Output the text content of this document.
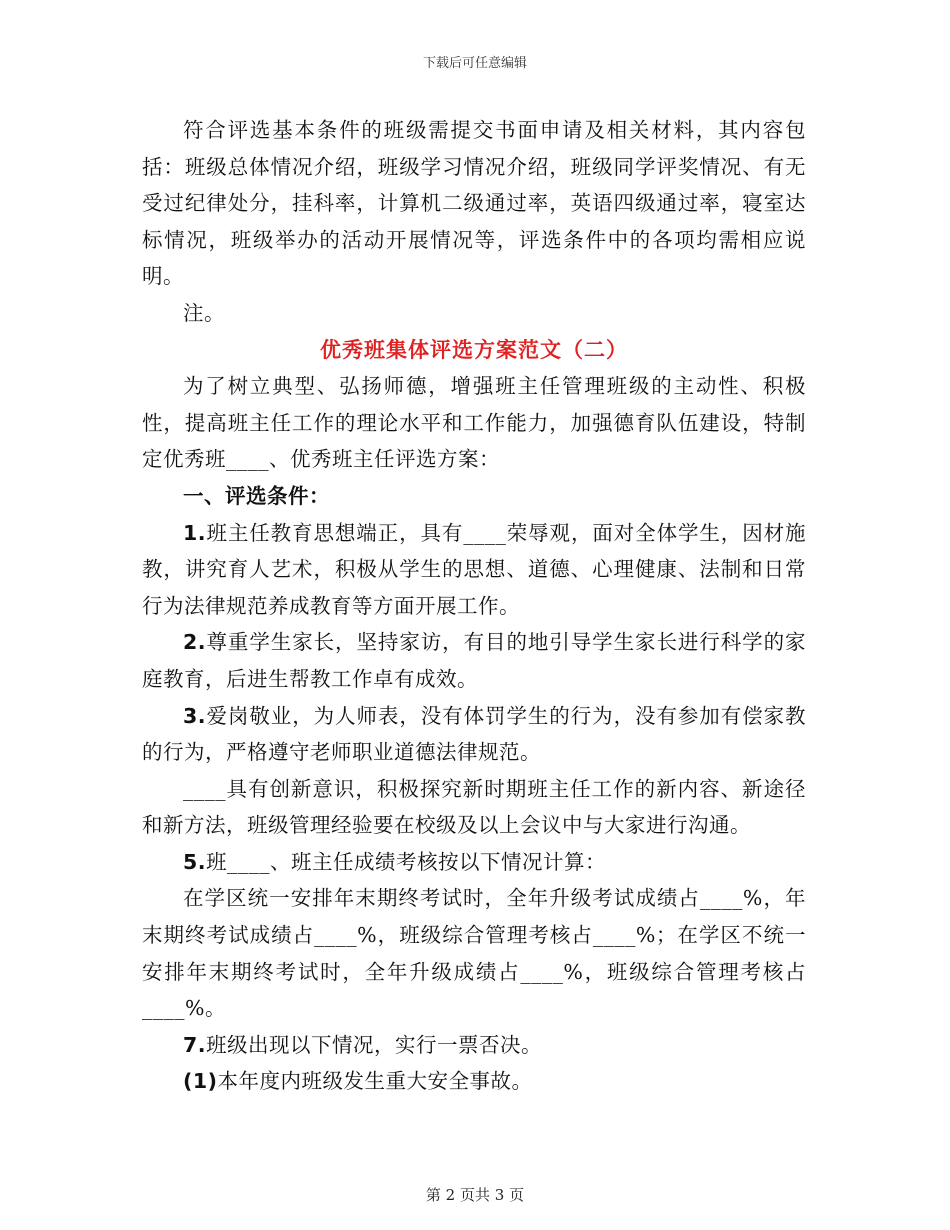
下载后可任意编辑

符合评选基本条件的班级需提交书面申请及相关材料，其内容包括：班级总体情况介绍，班级学习情况介绍，班级同学评奖情况、有无受过纪律处分，挂科率，计算机二级通过率，英语四级通过率，寝室达标情况，班级举办的活动开展情况等，评选条件中的各项均需相应说明。

注。

优秀班集体评选方案范文（二）

为了树立典型、弘扬师德，增强班主任管理班级的主动性、积极性，提高班主任工作的理论水平和工作能力，加强德育队伍建设，特制定优秀班____、优秀班主任评选方案：

一、评选条件：

1.班主任教育思想端正，具有____荣辱观，面对全体学生，因材施教，讲究育人艺术，积极从学生的思想、道德、心理健康、法制和日常行为法律规范养成教育等方面开展工作。

2.尊重学生家长，坚持家访，有目的地引导学生家长进行科学的家庭教育，后进生帮教工作卓有成效。

3.爱岗敬业，为人师表，没有体罚学生的行为，没有参加有偿家教的行为，严格遵守老师职业道德法律规范。

____具有创新意识，积极探究新时期班主任工作的新内容、新途径和新方法，班级管理经验要在校级及以上会议中与大家进行沟通。

5.班____、班主任成绩考核按以下情况计算：

在学区统一安排年末期终考试时，全年升级考试成绩占____%，年末期终考试成绩占____%，班级综合管理考核占____%；在学区不统一安排年末期终考试时，全年升级成绩占____%，班级综合管理考核占____%。

7.班级出现以下情况，实行一票否决。

(1)本年度内班级发生重大安全事故。

第 2 页共 3 页
